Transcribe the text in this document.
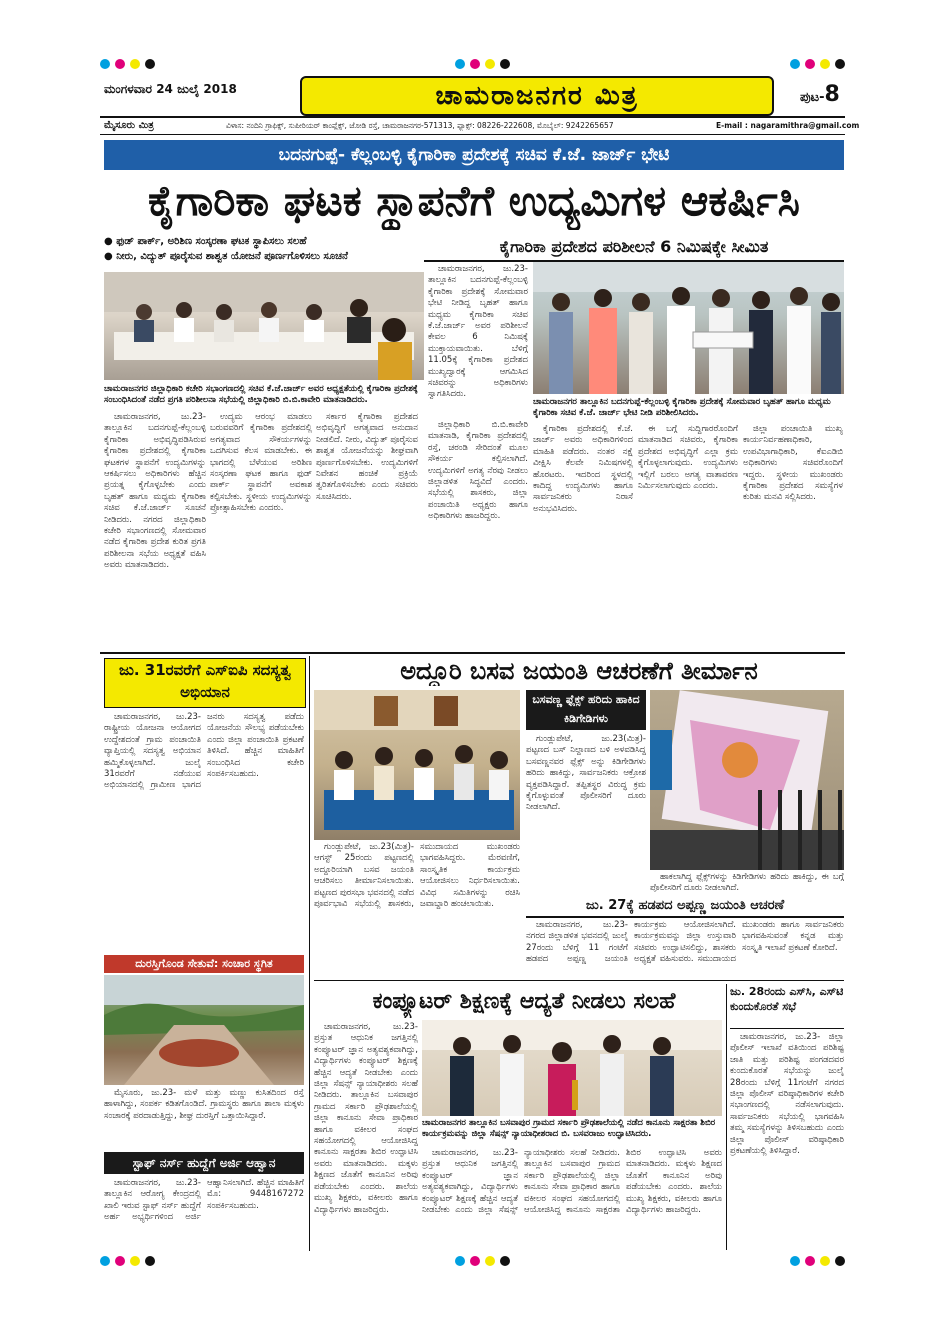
ಮಂಗಳವಾರ 24 ಜುಲೈ 2018	ಚಾಮರಾಜನಗರ ಮಿತ್ರ	ಪುಟ-8
ಮೈಸೂರು ಮಿತ್ರ	ವಿಳಾಸ: ನಂದಿನಿ ಗ್ರಾಫಿಕ್ಸ್, ಸುಪೀರಿಯರ್ ಕಾಂಪ್ಲೆಕ್ಸ್, ಜೋಡಿ ರಸ್ತೆ, ಚಾಮರಾಜನಗರ-571313, ಫ್ಯಾಕ್ಸ್: 08226-222608, ಮೊಬೈಲ್: 9242265657	E-mail : nagaramithra@gmail.com
ಬದನಗುಪ್ಪೆ- ಕೆಲ್ಲಂಬಳ್ಳಿ ಕೈಗಾರಿಕಾ ಪ್ರದೇಶಕ್ಕೆ ಸಚಿವ ಕೆ.ಜೆ. ಜಾರ್ಜ್ ಭೇಟಿ
ಕೈಗಾರಿಕಾ ಘಟಕ ಸ್ಥಾಪನೆಗೆ ಉದ್ಯಮಿಗಳ ಆಕರ್ಷಿಸಿ
● ಫುಡ್ ಪಾರ್ಕ್, ಅರಿಶಿಣ ಸಂಸ್ಕರಣಾ ಘಟಕ ಸ್ಥಾಪಿಸಲು ಸಲಹೆ
● ನೀರು, ವಿದ್ಯುತ್ ಪೂರೈಸುವ ಶಾಶ್ವತ ಯೋಜನೆ ಪೂರ್ಣಗೊಳಿಸಲು ಸೂಚನೆ
ಚಾಮರಾಜನಗರ ಜಿಲ್ಲಾಧಿಕಾರಿ ಕಚೇರಿ ಸಭಾಂಗಣದಲ್ಲಿ ಸಚಿವ ಕೆ.ಜೆ.ಜಾರ್ಜ್ ಅವರ ಅಧ್ಯಕ್ಷತೆಯಲ್ಲಿ ಕೈಗಾರಿಕಾ ಪ್ರದೇಶಕ್ಕೆ ಸಂಬಂಧಿಸಿದಂತೆ ನಡೆದ ಪ್ರಗತಿ ಪರಿಶೀಲನಾ ಸಭೆಯಲ್ಲಿ ಜಿಲ್ಲಾಧಿಕಾರಿ ಬಿ.ಬಿ.ಕಾವೇರಿ ಮಾತನಾಡಿದರು.

ಚಾಮರಾಜನಗರ, ಜು.23-ತಾಲ್ಲೂಕಿನ ಬದನಗುಪ್ಪೆ-ಕೆಲ್ಲಂಬಳ್ಳಿ ಕೈಗಾರಿಕಾ ಅಭಿವೃದ್ಧಿಪಡಿಸಿರುವ ಕೈಗಾರಿಕಾ ಪ್ರದೇಶದಲ್ಲಿ ಕೈಗಾರಿಕಾ ಘಟಕಗಳ ಸ್ಥಾಪನೆಗೆ ಉದ್ಯಮಿಗಳನ್ನು ಆಕರ್ಷಿಸಲು ಅಧಿಕಾರಿಗಳು ಹೆಚ್ಚಿನ ಪ್ರಯತ್ನ ಕೈಗೊಳ್ಳಬೇಕು ಎಂದು ಬೃಹತ್ ಹಾಗೂ ಮಧ್ಯಮ ಕೈಗಾರಿಕಾ ಸಚಿವ ಕೆ.ಜೆ.ಜಾರ್ಜ್ ಸೂಚನೆ ನೀಡಿದರು. ನಗರದ ಜಿಲ್ಲಾಧಿಕಾರಿ ಕಚೇರಿ ಸಭಾಂಗಣದಲ್ಲಿ ಸೋಮವಾರ ನಡೆದ ಕೈಗಾರಿಕಾ ಪ್ರದೇಶ ಕುರಿತ ಪ್ರಗತಿ ಪರಿಶೀಲನಾ ಸಭೆಯ ಅಧ್ಯಕ್ಷತೆ ವಹಿಸಿ ಅವರು ಮಾತನಾಡಿದರು.

ಉದ್ಯಮ ಆರಂಭ ಮಾಡಲು ಬರುವವರಿಗೆ ಕೈಗಾರಿಕಾ ಪ್ರದೇಶದಲ್ಲಿ ಅಗತ್ಯವಾದ ಸೌಕರ್ಯಗಳನ್ನು ಒದಗಿಸುವ ಕೆಲಸ ಮಾಡಬೇಕು. ಈ ಭಾಗದಲ್ಲಿ ಬೆಳೆಯುವ ಅರಿಶಿಣ ಸಂಸ್ಕರಣಾ ಘಟಕ ಹಾಗೂ ಫುಡ್ ಪಾರ್ಕ್ ಸ್ಥಾಪನೆಗೆ ಅವಕಾಶ ಕಲ್ಪಿಸಬೇಕು. ಸ್ಥಳೀಯ ಉದ್ಯಮಿಗಳನ್ನು ಪ್ರೋತ್ಸಾಹಿಸಬೇಕು ಎಂದರು.

ಸರ್ಕಾರ ಕೈಗಾರಿಕಾ ಪ್ರದೇಶದ ಅಭಿವೃದ್ಧಿಗೆ ಅಗತ್ಯವಾದ ಅನುದಾನ ನೀಡಲಿದೆ. ನೀರು, ವಿದ್ಯುತ್ ಪೂರೈಸುವ ಶಾಶ್ವತ ಯೋಜನೆಯನ್ನು ಶೀಘ್ರವಾಗಿ ಪೂರ್ಣಗೊಳಿಸಬೇಕು. ಉದ್ಯಮಿಗಳಿಗೆ ನಿವೇಶನ ಹಂಚಿಕೆ ಪ್ರಕ್ರಿಯೆ ತ್ವರಿತಗೊಳಿಸಬೇಕು ಎಂದು ಸಚಿವರು ಸೂಚಿಸಿದರು.

ಕೈಗಾರಿಕಾ ಪ್ರದೇಶದ ಪರಿಶೀಲನೆ 6 ನಿಮಿಷಕ್ಕೇ ಸೀಮಿತ

ಚಾಮರಾಜನಗರ, ಜು.23-ತಾಲ್ಲೂಕಿನ ಬದನಗುಪ್ಪೆ-ಕೆಲ್ಲಂಬಳ್ಳಿ ಕೈಗಾರಿಕಾ ಪ್ರದೇಶಕ್ಕೆ ಸೋಮವಾರ ಭೇಟಿ ನೀಡಿದ್ದ ಬೃಹತ್ ಹಾಗೂ ಮಧ್ಯಮ ಕೈಗಾರಿಕಾ ಸಚಿವ ಕೆ.ಜೆ.ಜಾರ್ಜ್ ಅವರ ಪರಿಶೀಲನೆ ಕೇವಲ 6 ನಿಮಿಷಕ್ಕೆ ಮುಕ್ತಾಯವಾಯಿತು. ಬೆಳಿಗ್ಗೆ 11.05ಕ್ಕೆ ಕೈಗಾರಿಕಾ ಪ್ರದೇಶದ ಮುಖ್ಯದ್ವಾರಕ್ಕೆ ಆಗಮಿಸಿದ ಸಚಿವರನ್ನು ಅಧಿಕಾರಿಗಳು ಸ್ವಾಗತಿಸಿದರು.

ಚಾಮರಾಜನಗರ ತಾಲ್ಲೂಕಿನ ಬದನಗುಪ್ಪೆ-ಕೆಲ್ಲಂಬಳ್ಳಿ ಕೈಗಾರಿಕಾ ಪ್ರದೇಶಕ್ಕೆ ಸೋಮವಾರ ಬೃಹತ್ ಹಾಗೂ ಮಧ್ಯಮ ಕೈಗಾರಿಕಾ ಸಚಿವ ಕೆ.ಜೆ. ಜಾರ್ಜ್ ಭೇಟಿ ನೀಡಿ ಪರಿಶೀಲಿಸಿದರು.

ಜಿಲ್ಲಾಧಿಕಾರಿ ಬಿ.ಬಿ.ಕಾವೇರಿ ಮಾತನಾಡಿ, ಕೈಗಾರಿಕಾ ಪ್ರದೇಶದಲ್ಲಿ ರಸ್ತೆ, ಚರಂಡಿ ಸೇರಿದಂತೆ ಮೂಲ ಸೌಕರ್ಯ ಕಲ್ಪಿಸಲಾಗಿದೆ. ಉದ್ಯಮಿಗಳಿಗೆ ಅಗತ್ಯ ನೆರವು ನೀಡಲು ಜಿಲ್ಲಾಡಳಿತ ಸಿದ್ಧವಿದೆ ಎಂದರು. ಸಭೆಯಲ್ಲಿ ಶಾಸಕರು, ಜಿಲ್ಲಾ ಪಂಚಾಯಿತಿ ಅಧ್ಯಕ್ಷರು ಹಾಗೂ ಅಧಿಕಾರಿಗಳು ಹಾಜರಿದ್ದರು.

ಕೈಗಾರಿಕಾ ಪ್ರದೇಶದಲ್ಲಿ ಕೆ.ಜೆ. ಜಾರ್ಜ್ ಅವರು ಅಧಿಕಾರಿಗಳಿಂದ ಮಾಹಿತಿ ಪಡೆದರು. ನಂತರ ನಕ್ಷೆ ವೀಕ್ಷಿಸಿ ಕೆಲವೇ ನಿಮಿಷಗಳಲ್ಲಿ ಹೊರಟರು. ಇದರಿಂದ ಸ್ಥಳದಲ್ಲಿ ಕಾದಿದ್ದ ಉದ್ಯಮಿಗಳು ಹಾಗೂ ಸಾರ್ವಜನಿಕರು ನಿರಾಸೆ ಅನುಭವಿಸಿದರು.

ಈ ಬಗ್ಗೆ ಸುದ್ದಿಗಾರರೊಂದಿಗೆ ಮಾತನಾಡಿದ ಸಚಿವರು, ಕೈಗಾರಿಕಾ ಪ್ರದೇಶದ ಅಭಿವೃದ್ಧಿಗೆ ಎಲ್ಲಾ ಕ್ರಮ ಕೈಗೊಳ್ಳಲಾಗುವುದು. ಉದ್ಯಮಿಗಳು ಇಲ್ಲಿಗೆ ಬರಲು ಅಗತ್ಯ ವಾತಾವರಣ ನಿರ್ಮಿಸಲಾಗುವುದು ಎಂದರು.

ಜಿಲ್ಲಾ ಪಂಚಾಯಿತಿ ಮುಖ್ಯ ಕಾರ್ಯನಿರ್ವಹಣಾಧಿಕಾರಿ, ಉಪವಿಭಾಗಾಧಿಕಾರಿ, ಕೆಐಎಡಿಬಿ ಅಧಿಕಾರಿಗಳು ಸಚಿವರೊಂದಿಗೆ ಇದ್ದರು. ಸ್ಥಳೀಯ ಮುಖಂಡರು ಕೈಗಾರಿಕಾ ಪ್ರದೇಶದ ಸಮಸ್ಯೆಗಳ ಕುರಿತು ಮನವಿ ಸಲ್ಲಿಸಿದರು.

ಜು. 31ರವರೆಗೆ ಎಸ್‌ಐಪಿ ಸದಸ್ಯತ್ವ ಅಭಿಯಾನ

ಚಾಮರಾಜನಗರ, ಜು.23-ರಾಷ್ಟ್ರೀಯ ಯೋಜನಾ ಆಯೋಗದ ಉದ್ದೇಶದಂತೆ ಗ್ರಾಮ ಪಂಚಾಯಿತಿ ವ್ಯಾಪ್ತಿಯಲ್ಲಿ ಸದಸ್ಯತ್ವ ಅಭಿಯಾನ ಹಮ್ಮಿಕೊಳ್ಳಲಾಗಿದೆ. ಜುಲೈ 31ರವರೆಗೆ ನಡೆಯುವ ಅಭಿಯಾನದಲ್ಲಿ ಗ್ರಾಮೀಣ ಭಾಗದ ಜನರು ಸದಸ್ಯತ್ವ ಪಡೆದು ಯೋಜನೆಯ ಸೌಲಭ್ಯ ಪಡೆಯಬೇಕು ಎಂದು ಜಿಲ್ಲಾ ಪಂಚಾಯಿತಿ ಪ್ರಕಟಣೆ ತಿಳಿಸಿದೆ. ಹೆಚ್ಚಿನ ಮಾಹಿತಿಗೆ ಸಂಬಂಧಿಸಿದ ಕಚೇರಿ ಸಂಪರ್ಕಿಸಬಹುದು.

ದುರಸ್ತಿಗೊಂಡ ಸೇತುವೆ: ಸಂಚಾರ ಸ್ಥಗಿತ

ಮೈಸೂರು, ಜು.23- ಮಳೆ ಮತ್ತು ಮಣ್ಣು ಕುಸಿತದಿಂದ ರಸ್ತೆ ಹಾಳಾಗಿದ್ದು, ಸಂಪರ್ಕ ಕಡಿತಗೊಂಡಿದೆ. ಗ್ರಾಮಸ್ಥರು ಹಾಗೂ ಶಾಲಾ ಮಕ್ಕಳು ಸಂಚಾರಕ್ಕೆ ಪರದಾಡುತ್ತಿದ್ದು, ಶೀಘ್ರ ದುರಸ್ತಿಗೆ ಒತ್ತಾಯಿಸಿದ್ದಾರೆ.

ಸ್ಟಾಫ್ ನರ್ಸ್ ಹುದ್ದೆಗೆ ಅರ್ಜಿ ಆಹ್ವಾನ

ಚಾಮರಾಜನಗರ, ಜು.23- ತಾಲ್ಲೂಕಿನ ಆರೋಗ್ಯ ಕೇಂದ್ರದಲ್ಲಿ ಖಾಲಿ ಇರುವ ಸ್ಟಾಫ್ ನರ್ಸ್ ಹುದ್ದೆಗೆ ಅರ್ಹ ಅಭ್ಯರ್ಥಿಗಳಿಂದ ಅರ್ಜಿ ಆಹ್ವಾನಿಸಲಾಗಿದೆ. ಹೆಚ್ಚಿನ ಮಾಹಿತಿಗೆ ಮೊ: 9448167272 ಸಂಪರ್ಕಿಸಬಹುದು.

ಅದ್ದೂರಿ ಬಸವ ಜಯಂತಿ ಆಚರಣೆಗೆ ತೀರ್ಮಾನ
ಬಸವಣ್ಣ ಫ್ಲೆಕ್ಸ್ ಹರಿದು ಹಾಕಿದ ಕಿಡಿಗೇಡಿಗಳು

ಗುಂಡ್ಲುಪೇಟೆ, ಜು.23(ಮಿತ್ರ)- ಪಟ್ಟಣದ ಬಸ್ ನಿಲ್ದಾಣದ ಬಳಿ ಅಳವಡಿಸಿದ್ದ ಬಸವಣ್ಣನವರ ಫ್ಲೆಕ್ಸ್ ಅನ್ನು ಕಿಡಿಗೇಡಿಗಳು ಹರಿದು ಹಾಕಿದ್ದು, ಸಾರ್ವಜನಿಕರು ಆಕ್ರೋಶ ವ್ಯಕ್ತಪಡಿಸಿದ್ದಾರೆ. ತಪ್ಪಿತಸ್ಥರ ವಿರುದ್ಧ ಕ್ರಮ ಕೈಗೊಳ್ಳುವಂತೆ ಪೊಲೀಸರಿಗೆ ದೂರು ನೀಡಲಾಗಿದೆ.

ಹಾಕಲಾಗಿದ್ದ ಫ್ಲೆಕ್ಸ್‌ಗಳನ್ನು ಕಿಡಿಗೇಡಿಗಳು ಹರಿದು ಹಾಕಿದ್ದು, ಈ ಬಗ್ಗೆ ಪೊಲೀಸರಿಗೆ ದೂರು ನೀಡಲಾಗಿದೆ.

ಗುಂಡ್ಲುಪೇಟೆ, ಜು.23(ಮಿತ್ರ)- ಆಗಸ್ಟ್ 25ರಂದು ಪಟ್ಟಣದಲ್ಲಿ ಅದ್ದೂರಿಯಾಗಿ ಬಸವ ಜಯಂತಿ ಆಚರಿಸಲು ತೀರ್ಮಾನಿಸಲಾಯಿತು. ಪಟ್ಟಣದ ಪುರಸಭಾ ಭವನದಲ್ಲಿ ನಡೆದ ಪೂರ್ವಭಾವಿ ಸಭೆಯಲ್ಲಿ ಶಾಸಕರು, ಸಮುದಾಯದ ಮುಖಂಡರು ಭಾಗವಹಿಸಿದ್ದರು. ಮೆರವಣಿಗೆ, ಸಾಂಸ್ಕೃತಿಕ ಕಾರ್ಯಕ್ರಮ ಆಯೋಜಿಸಲು ನಿರ್ಧರಿಸಲಾಯಿತು. ವಿವಿಧ ಸಮಿತಿಗಳನ್ನು ರಚಿಸಿ ಜವಾಬ್ದಾರಿ ಹಂಚಲಾಯಿತು.	ಜು. 27ಕ್ಕೆ ಹಡಪದ ಅಪ್ಪಣ್ಣ ಜಯಂತಿ ಆಚರಣೆ

ಚಾಮರಾಜನಗರ, ಜು.23- ನಗರದ ಜಿಲ್ಲಾಡಳಿತ ಭವನದಲ್ಲಿ ಜುಲೈ 27ರಂದು ಬೆಳಿಗ್ಗೆ 11 ಗಂಟೆಗೆ ಹಡಪದ ಅಪ್ಪಣ್ಣ ಜಯಂತಿ ಕಾರ್ಯಕ್ರಮ ಆಯೋಜಿಸಲಾಗಿದೆ. ಕಾರ್ಯಕ್ರಮವನ್ನು ಜಿಲ್ಲಾ ಉಸ್ತುವಾರಿ ಸಚಿವರು ಉದ್ಘಾಟಿಸಲಿದ್ದು, ಶಾಸಕರು ಅಧ್ಯಕ್ಷತೆ ವಹಿಸುವರು. ಸಮುದಾಯದ ಮುಖಂಡರು ಹಾಗೂ ಸಾರ್ವಜನಿಕರು ಭಾಗವಹಿಸುವಂತೆ ಕನ್ನಡ ಮತ್ತು ಸಂಸ್ಕೃತಿ ಇಲಾಖೆ ಪ್ರಕಟಣೆ ಕೋರಿದೆ.

ಕಂಪ್ಯೂಟರ್ ಶಿಕ್ಷಣಕ್ಕೆ ಆದ್ಯತೆ ನೀಡಲು ಸಲಹೆ
ಚಾಮರಾಜನಗರ ತಾಲ್ಲೂಕಿನ ಬಸವಾಪುರ ಗ್ರಾಮದ ಸರ್ಕಾರಿ ಪ್ರೌಢಶಾಲೆಯಲ್ಲಿ ನಡೆದ ಕಾನೂನು ಸಾಕ್ಷರತಾ ಶಿಬಿರ ಕಾರ್ಯಕ್ರಮವನ್ನು ಜಿಲ್ಲಾ ಸೆಷನ್ಸ್ ನ್ಯಾಯಾಧೀಶರಾದ ಬಿ. ಬಸವರಾಜು ಉದ್ಘಾಟಿಸಿದರು.

ಚಾಮರಾಜನಗರ, ಜು.23- ಪ್ರಸ್ತುತ ಆಧುನಿಕ ಜಗತ್ತಿನಲ್ಲಿ ಕಂಪ್ಯೂಟರ್ ಜ್ಞಾನ ಅತ್ಯವಶ್ಯಕವಾಗಿದ್ದು, ವಿದ್ಯಾರ್ಥಿಗಳು ಕಂಪ್ಯೂಟರ್ ಶಿಕ್ಷಣಕ್ಕೆ ಹೆಚ್ಚಿನ ಆದ್ಯತೆ ನೀಡಬೇಕು ಎಂದು ಜಿಲ್ಲಾ ಸೆಷನ್ಸ್ ನ್ಯಾಯಾಧೀಶರು ಸಲಹೆ ನೀಡಿದರು. ತಾಲ್ಲೂಕಿನ ಬಸವಾಪುರ ಗ್ರಾಮದ ಸರ್ಕಾರಿ ಪ್ರೌಢಶಾಲೆಯಲ್ಲಿ ಜಿಲ್ಲಾ ಕಾನೂನು ಸೇವಾ ಪ್ರಾಧಿಕಾರ ಹಾಗೂ ವಕೀಲರ ಸಂಘದ ಸಹಯೋಗದಲ್ಲಿ ಆಯೋಜಿಸಿದ್ದ ಕಾನೂನು ಸಾಕ್ಷರತಾ ಶಿಬಿರ ಉದ್ಘಾಟಿಸಿ ಅವರು ಮಾತನಾಡಿದರು. ಮಕ್ಕಳು ಶಿಕ್ಷಣದ ಜೊತೆಗೆ ಕಾನೂನಿನ ಅರಿವು ಪಡೆಯಬೇಕು ಎಂದರು. ಶಾಲೆಯ ಮುಖ್ಯ ಶಿಕ್ಷಕರು, ವಕೀಲರು ಹಾಗೂ ವಿದ್ಯಾರ್ಥಿಗಳು ಹಾಜರಿದ್ದರು.

ಚಾಮರಾಜನಗರ, ಜು.23- ಪ್ರಸ್ತುತ ಆಧುನಿಕ ಜಗತ್ತಿನಲ್ಲಿ ಕಂಪ್ಯೂಟರ್ ಜ್ಞಾನ ಅತ್ಯವಶ್ಯಕವಾಗಿದ್ದು, ವಿದ್ಯಾರ್ಥಿಗಳು ಕಂಪ್ಯೂಟರ್ ಶಿಕ್ಷಣಕ್ಕೆ ಹೆಚ್ಚಿನ ಆದ್ಯತೆ ನೀಡಬೇಕು ಎಂದು ಜಿಲ್ಲಾ ಸೆಷನ್ಸ್ ನ್ಯಾಯಾಧೀಶರು ಸಲಹೆ ನೀಡಿದರು. ತಾಲ್ಲೂಕಿನ ಬಸವಾಪುರ ಗ್ರಾಮದ ಸರ್ಕಾರಿ ಪ್ರೌಢಶಾಲೆಯಲ್ಲಿ ಜಿಲ್ಲಾ ಕಾನೂನು ಸೇವಾ ಪ್ರಾಧಿಕಾರ ಹಾಗೂ ವಕೀಲರ ಸಂಘದ ಸಹಯೋಗದಲ್ಲಿ ಆಯೋಜಿಸಿದ್ದ ಕಾನೂನು ಸಾಕ್ಷರತಾ ಶಿಬಿರ ಉದ್ಘಾಟಿಸಿ ಅವರು ಮಾತನಾಡಿದರು. ಮಕ್ಕಳು ಶಿಕ್ಷಣದ ಜೊತೆಗೆ ಕಾನೂನಿನ ಅರಿವು ಪಡೆಯಬೇಕು ಎಂದರು. ಶಾಲೆಯ ಮುಖ್ಯ ಶಿಕ್ಷಕರು, ವಕೀಲರು ಹಾಗೂ ವಿದ್ಯಾರ್ಥಿಗಳು ಹಾಜರಿದ್ದರು.

ಜು. 28ರಂದು ಎಸ್‌ಸಿ, ಎಸ್‌ಟಿ ಕುಂದುಕೊರತೆ ಸಭೆ

ಚಾಮರಾಜನಗರ, ಜು.23- ಜಿಲ್ಲಾ ಪೊಲೀಸ್ ಇಲಾಖೆ ವತಿಯಿಂದ ಪರಿಶಿಷ್ಟ ಜಾತಿ ಮತ್ತು ಪರಿಶಿಷ್ಟ ಪಂಗಡದವರ ಕುಂದುಕೊರತೆ ಸಭೆಯನ್ನು ಜುಲೈ 28ರಂದು ಬೆಳಿಗ್ಗೆ 11ಗಂಟೆಗೆ ನಗರದ ಜಿಲ್ಲಾ ಪೊಲೀಸ್ ವರಿಷ್ಠಾಧಿಕಾರಿಗಳ ಕಚೇರಿ ಸಭಾಂಗಣದಲ್ಲಿ ನಡೆಸಲಾಗುವುದು. ಸಾರ್ವಜನಿಕರು ಸಭೆಯಲ್ಲಿ ಭಾಗವಹಿಸಿ ತಮ್ಮ ಸಮಸ್ಯೆಗಳನ್ನು ತಿಳಿಸಬಹುದು ಎಂದು ಜಿಲ್ಲಾ ಪೊಲೀಸ್ ವರಿಷ್ಠಾಧಿಕಾರಿ ಪ್ರಕಟಣೆಯಲ್ಲಿ ತಿಳಿಸಿದ್ದಾರೆ.
